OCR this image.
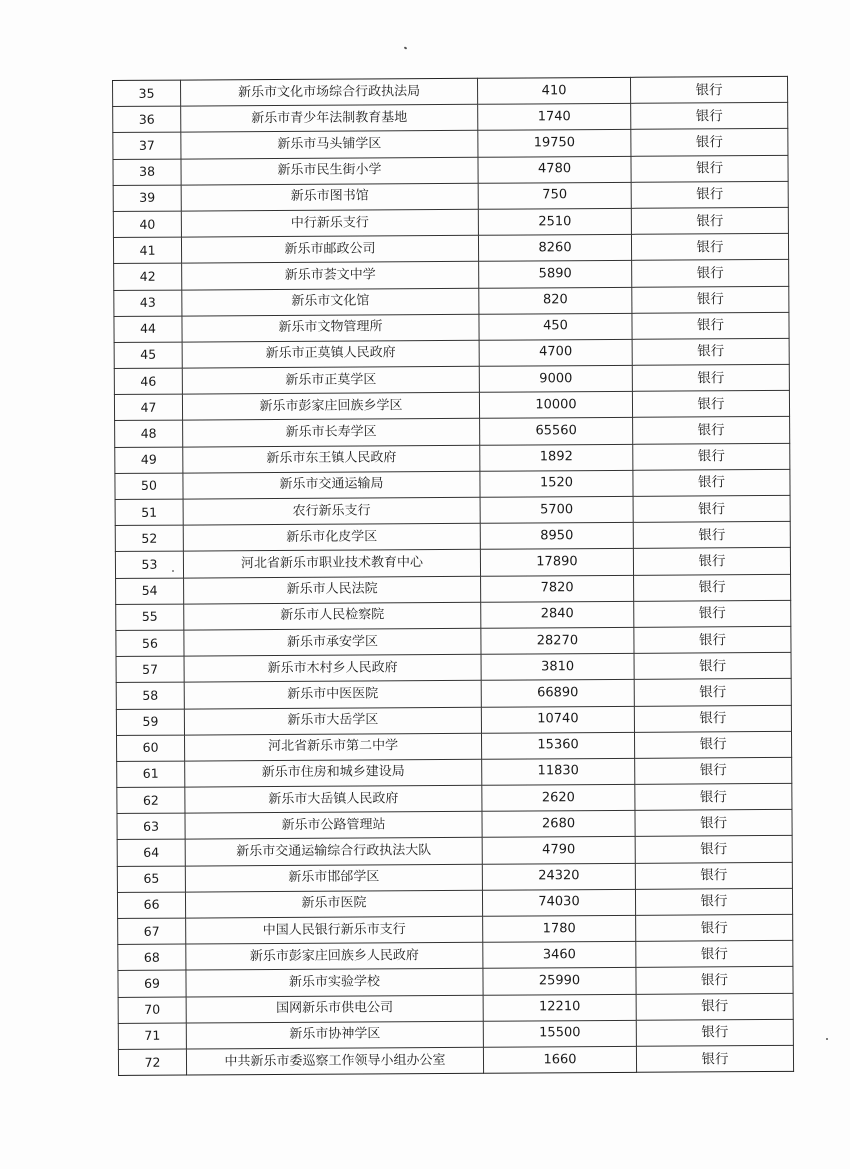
35	新乐市文化市场综合行政执法局	410	银行
36	新乐市青少年法制教育基地	1740	银行
37	新乐市马头铺学区	19750	银行
38	新乐市民生街小学	4780	银行
39	新乐市图书馆	750	银行
40	中行新乐支行	2510	银行
41	新乐市邮政公司	8260	银行
42	新乐市荟文中学	5890	银行
43	新乐市文化馆	820	银行
44	新乐市文物管理所	450	银行
45	新乐市正莫镇人民政府	4700	银行
46	新乐市正莫学区	9000	银行
47	新乐市彭家庄回族乡学区	10000	银行
48	新乐市长寿学区	65560	银行
49	新乐市东王镇人民政府	1892	银行
50	新乐市交通运输局	1520	银行
51	农行新乐支行	5700	银行
52	新乐市化皮学区	8950	银行
53	河北省新乐市职业技术教育中心	17890	银行
54	新乐市人民法院	7820	银行
55	新乐市人民检察院	2840	银行
56	新乐市承安学区	28270	银行
57	新乐市木村乡人民政府	3810	银行
58	新乐市中医医院	66890	银行
59	新乐市大岳学区	10740	银行
60	河北省新乐市第二中学	15360	银行
61	新乐市住房和城乡建设局	11830	银行
62	新乐市大岳镇人民政府	2620	银行
63	新乐市公路管理站	2680	银行
64	新乐市交通运输综合行政执法大队	4790	银行
65	新乐市邯邰学区	24320	银行
66	新乐市医院	74030	银行
67	中国人民银行新乐市支行	1780	银行
68	新乐市彭家庄回族乡人民政府	3460	银行
69	新乐市实验学校	25990	银行
70	国网新乐市供电公司	12210	银行
71	新乐市协神学区	15500	银行
72	中共新乐市委巡察工作领导小组办公室	1660	银行
